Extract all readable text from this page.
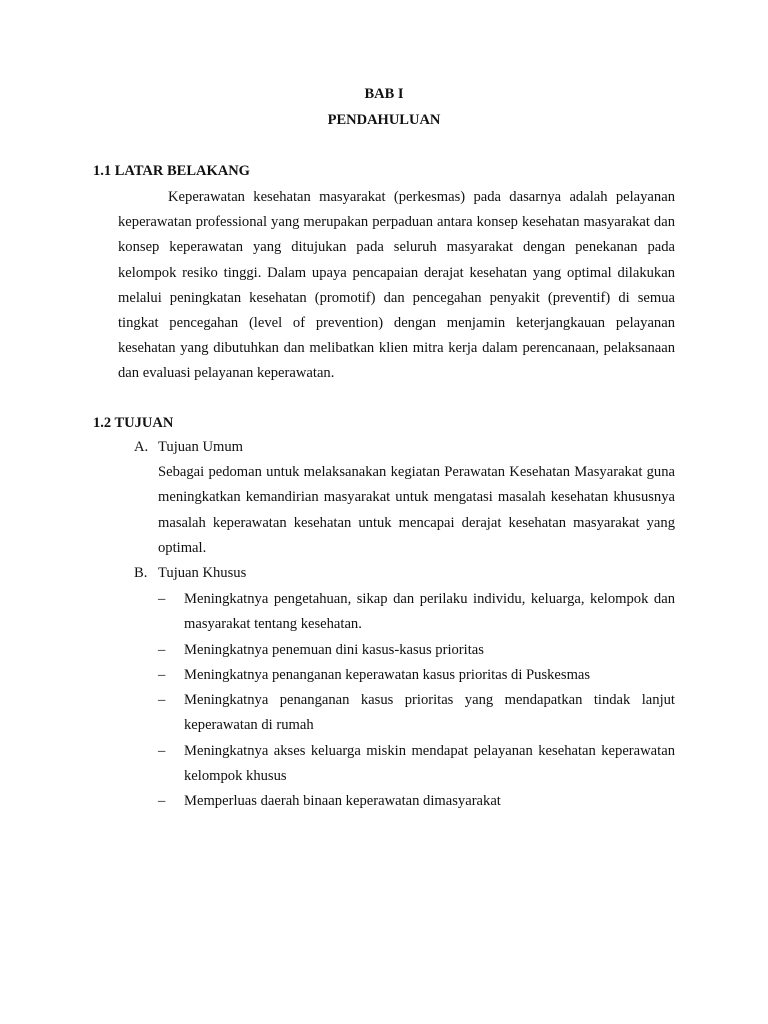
BAB I
PENDAHULUAN
1.1 LATAR BELAKANG

Keperawatan kesehatan masyarakat (perkesmas) pada dasarnya adalah pelayanan keperawatan professional yang merupakan perpaduan antara konsep kesehatan masyarakat dan konsep keperawatan yang ditujukan pada seluruh masyarakat dengan penekanan pada kelompok resiko tinggi. Dalam upaya pencapaian derajat kesehatan yang optimal dilakukan melalui peningkatan kesehatan (promotif) dan pencegahan penyakit (preventif) di semua tingkat pencegahan (level of prevention) dengan menjamin keterjangkauan pelayanan kesehatan yang dibutuhkan dan melibatkan klien mitra kerja dalam perencanaan, pelaksanaan dan evaluasi pelayanan keperawatan.

1.2 TUJUAN
A. Tujuan Umum

Sebagai pedoman untuk melaksanakan kegiatan Perawatan Kesehatan Masyarakat guna meningkatkan kemandirian masyarakat untuk mengatasi masalah kesehatan khususnya masalah keperawatan kesehatan untuk mencapai derajat kesehatan masyarakat yang optimal.

B. Tujuan Khusus
– Meningkatnya pengetahuan, sikap dan perilaku individu, keluarga, kelompok dan masyarakat tentang kesehatan.
– Meningkatnya penemuan dini kasus-kasus prioritas
– Meningkatnya penanganan keperawatan kasus prioritas di Puskesmas
– Meningkatnya penanganan kasus prioritas yang mendapatkan tindak lanjut keperawatan di rumah
– Meningkatnya akses keluarga miskin mendapat pelayanan kesehatan keperawatan kelompok khusus
– Memperluas daerah binaan keperawatan dimasyarakat
